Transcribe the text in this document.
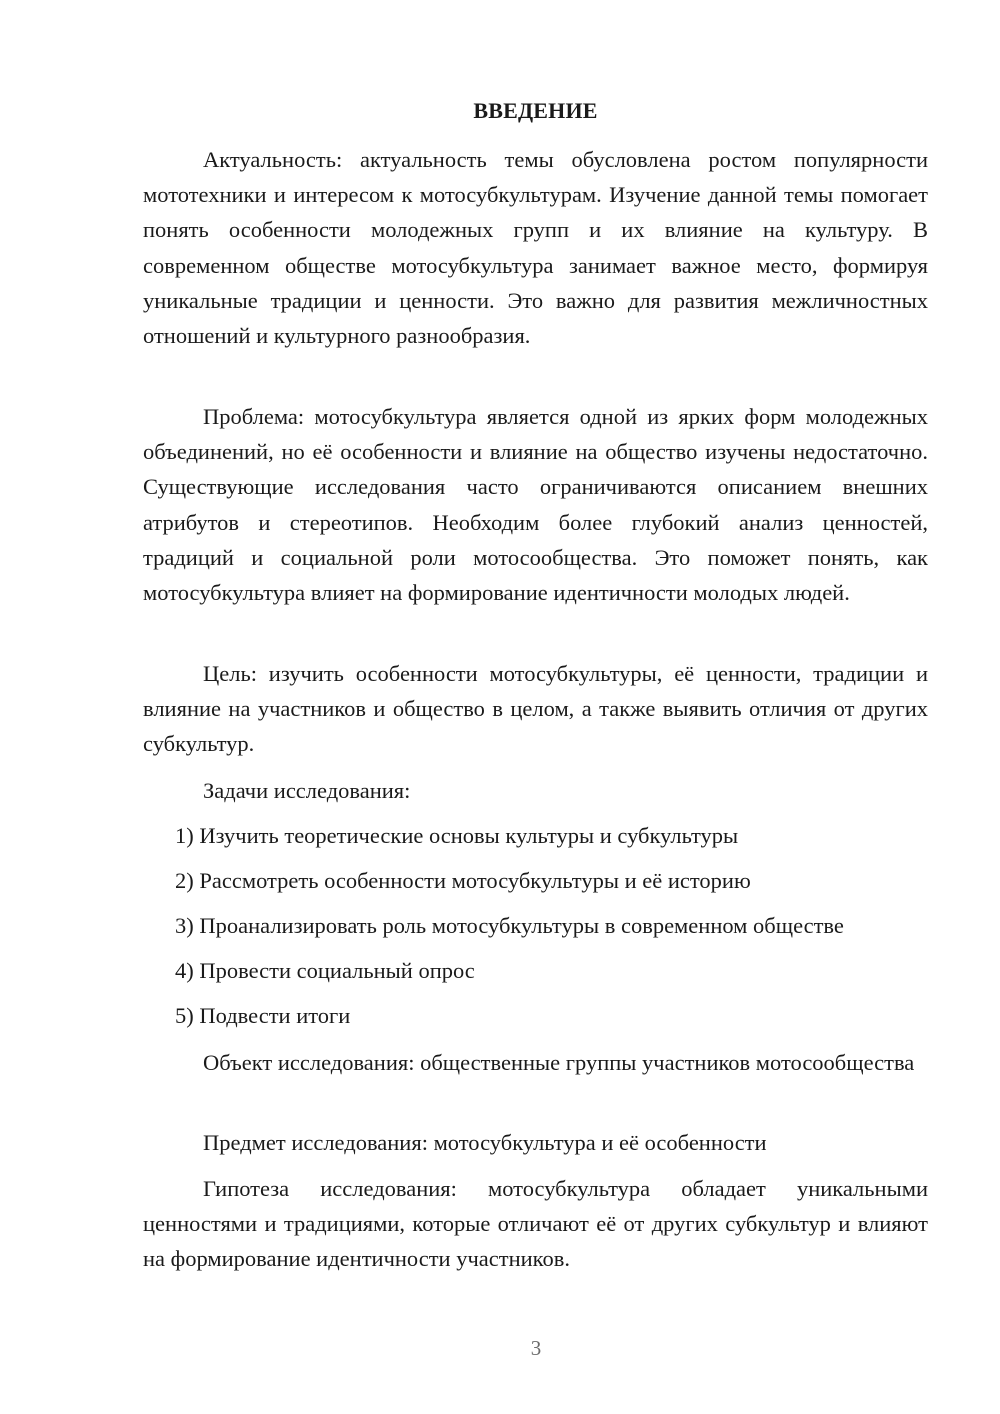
ВВЕДЕНИЕ

Актуальность: актуальность темы обусловлена ростом популярности мототехники и интересом к мотосубкультурам. Изучение данной темы помогает понять особенности молодежных групп и их влияние на культуру. В современном обществе мотосубкультура занимает важное место, формируя уникальные традиции и ценности. Это важно для развития межличностных отношений и культурного разнообразия.

Проблема: мотосубкультура является одной из ярких форм молодежных объединений, но её особенности и влияние на общество изучены недостаточно. Существующие исследования часто ограничиваются описанием внешних атрибутов и стереотипов. Необходим более глубокий анализ ценностей, традиций и социальной роли мотосообщества. Это поможет понять, как мотосубкультура влияет на формирование идентичности молодых людей.

Цель: изучить особенности мотосубкультуры, её ценности, традиции и влияние на участников и общество в целом, а также выявить отличия от других субкультур.

Задачи исследования:
1) Изучить теоретические основы культуры и субкультуры
2) Рассмотреть особенности мотосубкультуры и её историю
3) Проанализировать роль мотосубкультуры в современном обществе
4) Провести социальный опрос
5) Подвести итоги

Объект исследования: общественные группы участников мотосообщества

Предмет исследования: мотосубкультура и её особенности

Гипотеза исследования: мотосубкультура обладает уникальными ценностями и традициями, которые отличают её от других субкультур и влияют на формирование идентичности участников.

3
